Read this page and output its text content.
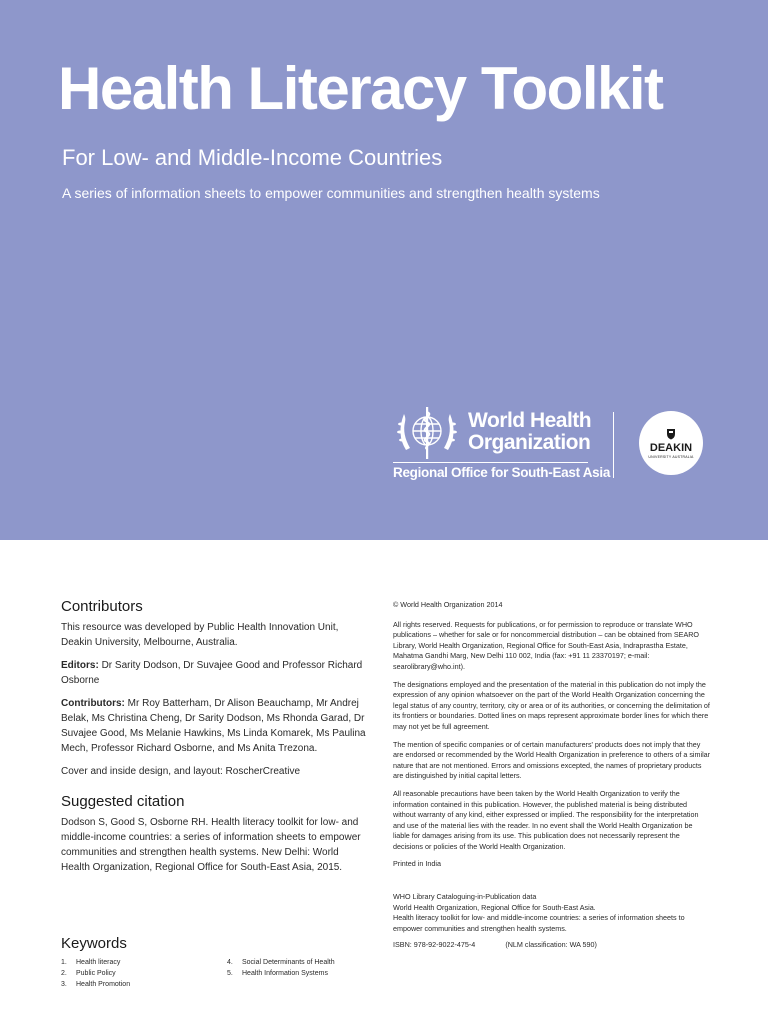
Health Literacy Toolkit
For Low- and Middle-Income Countries
A series of information sheets to empower communities and strengthen health systems
World Health
Organization
Regional Office for South-East Asia
DEAKIN
UNIVERSITY AUSTRALIA
Contributors

This resource was developed by Public Health Innovation Unit, Deakin University, Melbourne, Australia.

Editors: Dr Sarity Dodson, Dr Suvajee Good and Professor Richard Osborne

Contributors: Mr Roy Batterham, Dr Alison Beauchamp, Mr Andrej Belak, Ms Christina Cheng, Dr Sarity Dodson, Ms Rhonda Garad, Dr Suvajee Good, Ms Melanie Hawkins, Ms Linda Komarek, Ms Paulina Mech, Professor Richard Osborne, and Ms Anita Trezona.

Cover and inside design, and layout: RoscherCreative

Suggested citation

Dodson S, Good S, Osborne RH. Health literacy toolkit for low- and middle-income countries: a series of information sheets to empower communities and strengthen health systems. New Delhi: World Health Organization, Regional Office for South-East Asia, 2015.

Keywords
1. Health literacy
2. Public Policy
3. Health Promotion
4. Social Determinants of Health
5. Health Information Systems

© World Health Organization 2014

All rights reserved. Requests for publications, or for permission to reproduce or translate WHO publications – whether for sale or for noncommercial distribution – can be obtained from SEARO Library, World Health Organization, Regional Office for South-East Asia, Indraprastha Estate, Mahatma Gandhi Marg, New Delhi 110 002, India (fax: +91 11 23370197; e-mail: searolibrary@who.int).

The designations employed and the presentation of the material in this publication do not imply the expression of any opinion whatsoever on the part of the World Health Organization concerning the legal status of any country, territory, city or area or of its authorities, or concerning the delimitation of its frontiers or boundaries. Dotted lines on maps represent approximate border lines for which there may not yet be full agreement.

The mention of specific companies or of certain manufacturers' products does not imply that they are endorsed or recommended by the World Health Organization in preference to others of a similar nature that are not mentioned. Errors and omissions excepted, the names of proprietary products are distinguished by initial capital letters.

All reasonable precautions have been taken by the World Health Organization to verify the information contained in this publication. However, the published material is being distributed without warranty of any kind, either expressed or implied. The responsibility for the interpretation and use of the material lies with the reader. In no event shall the World Health Organization be liable for damages arising from its use. This publication does not necessarily represent the decisions or policies of the World Health Organization.

Printed in India

WHO Library Cataloguing-in-Publication data
World Health Organization, Regional Office for South-East Asia.
Health literacy toolkit for low- and middle-income countries: a series of information sheets to empower communities and strengthen health systems.

ISBN: 978-92-9022-475-4	(NLM classification: WA 590)
